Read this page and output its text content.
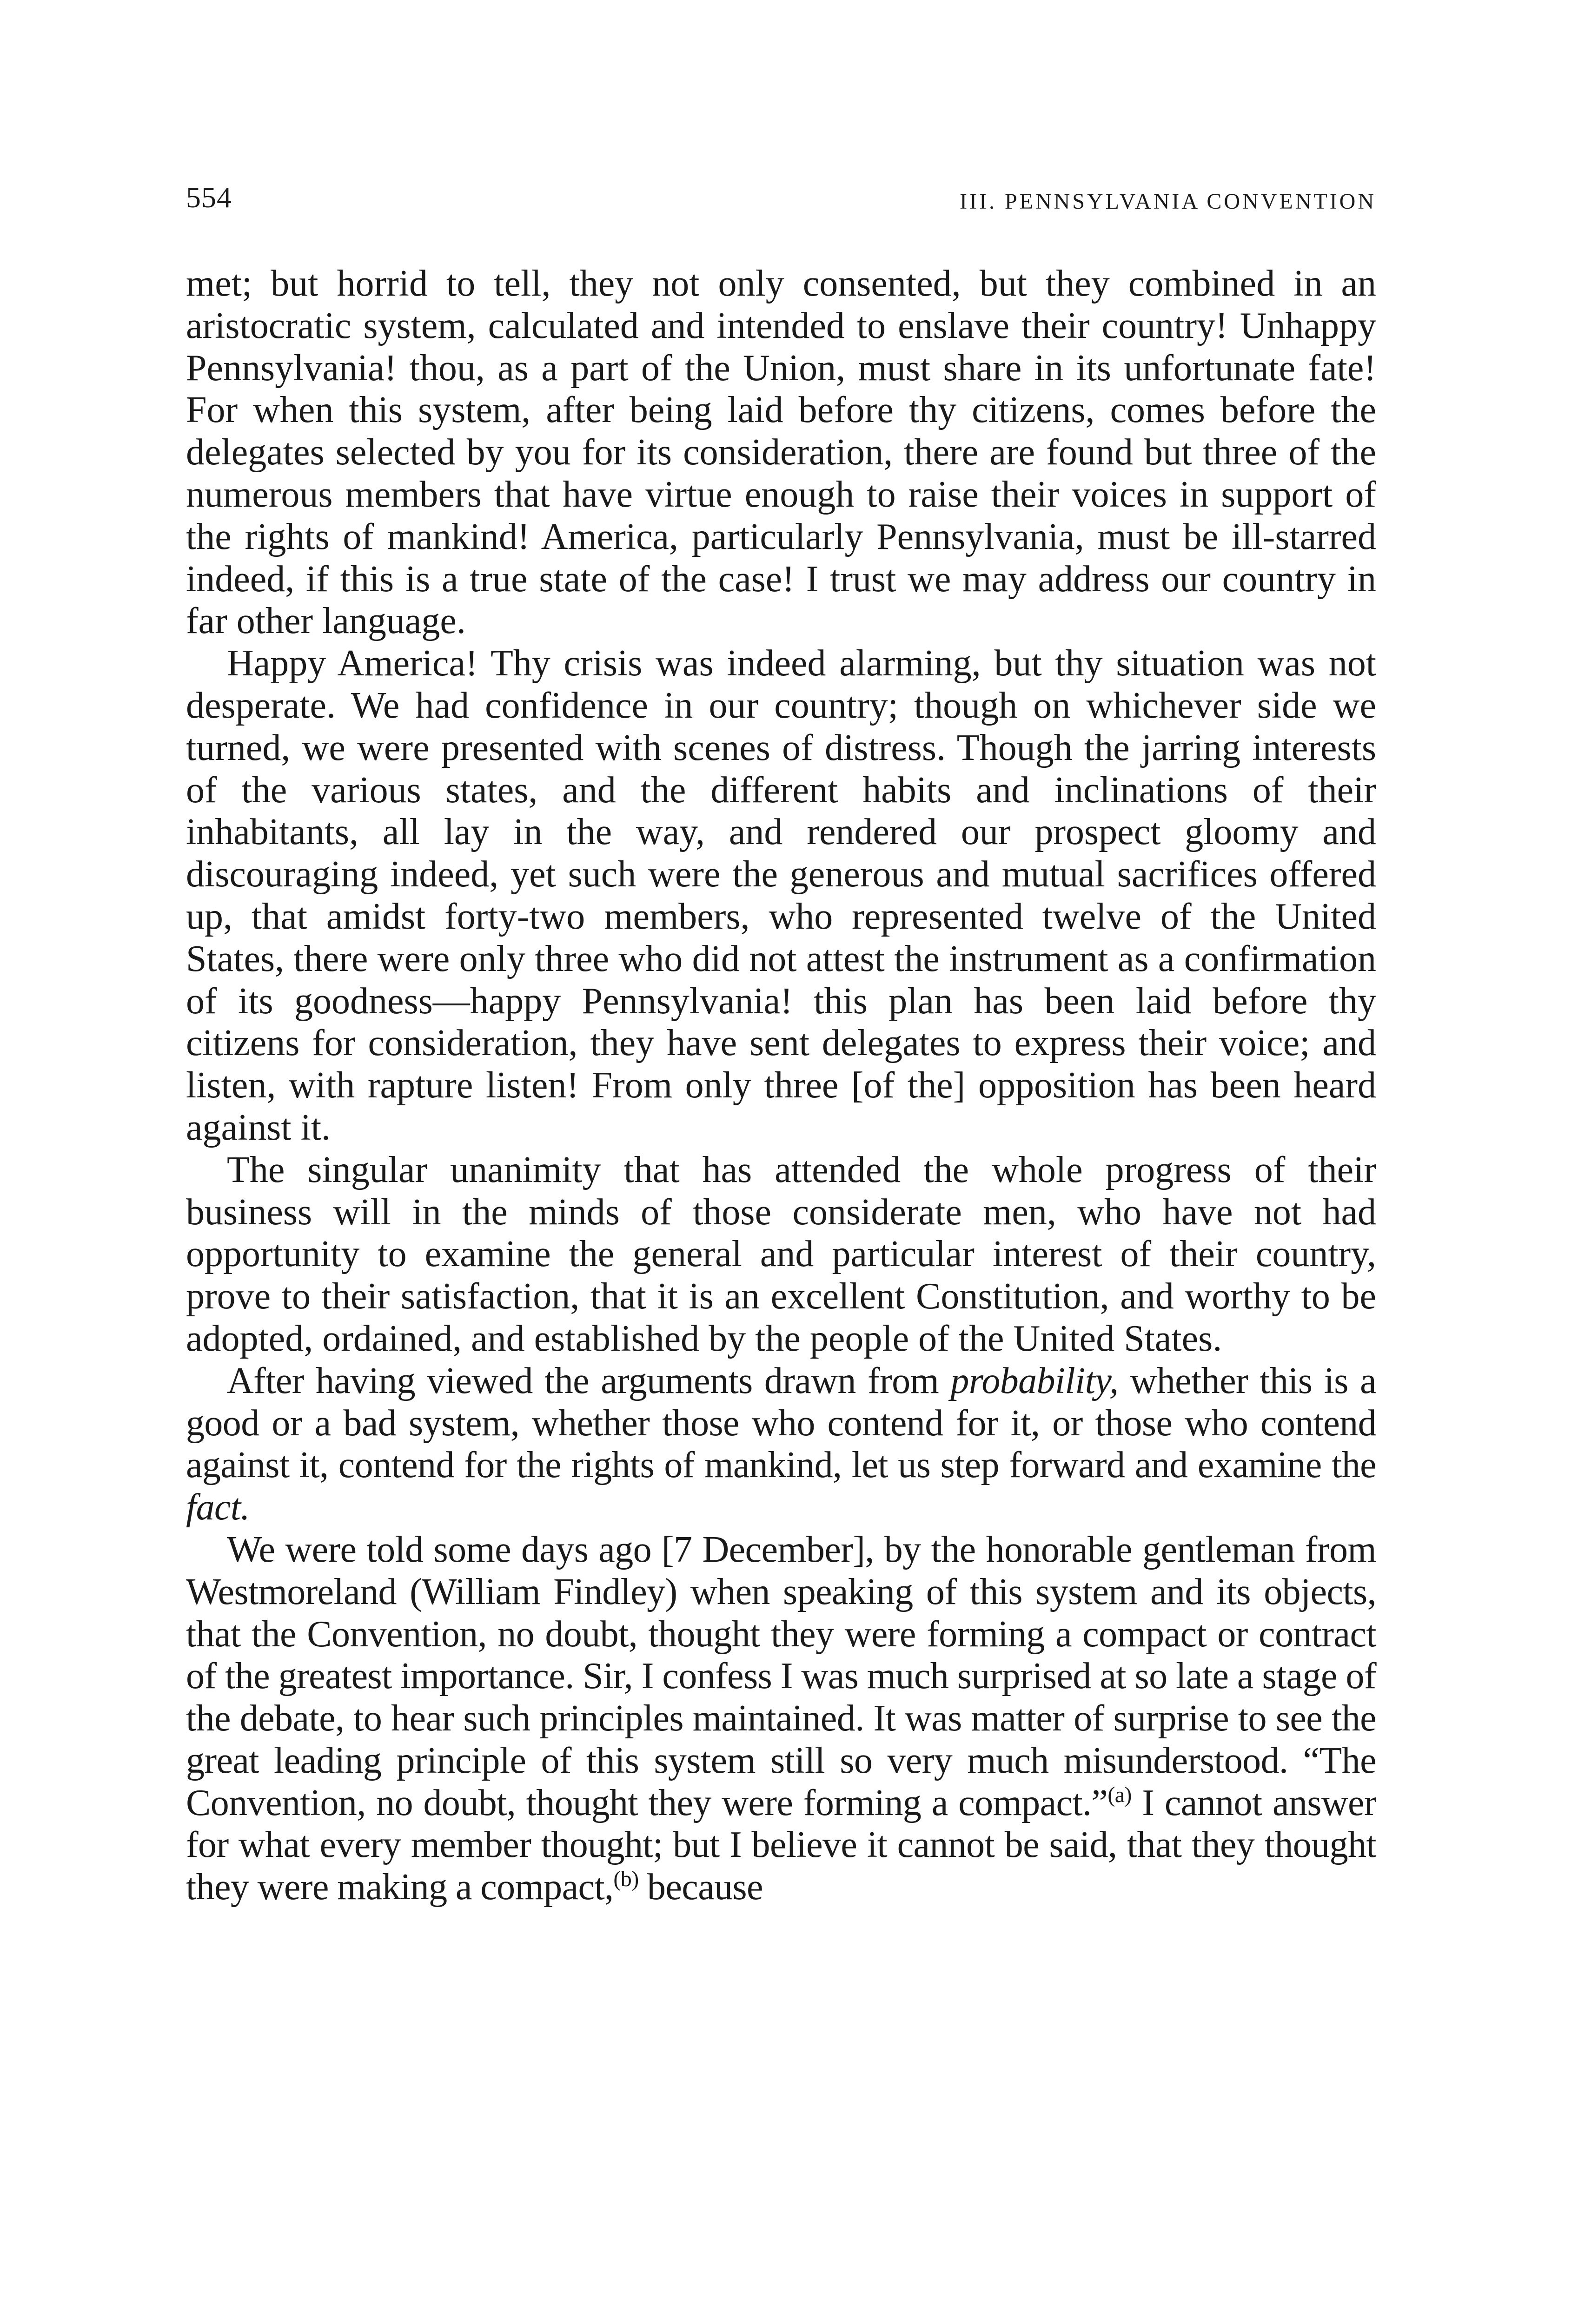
554	III. PENNSYLVANIA CONVENTION

met; but horrid to tell, they not only consented, but they combined in an aristocratic system, calculated and intended to enslave their country! Unhappy Pennsylvania! thou, as a part of the Union, must share in its unfortunate fate! For when this system, after being laid before thy citizens, comes before the delegates selected by you for its consideration, there are found but three of the numerous members that have virtue enough to raise their voices in support of the rights of mankind! America, particularly Pennsylvania, must be ill-starred indeed, if this is a true state of the case! I trust we may address our country in far other language.

Happy America! Thy crisis was indeed alarming, but thy situation was not desperate. We had confidence in our country; though on whichever side we turned, we were presented with scenes of distress. Though the jarring interests of the various states, and the different habits and inclinations of their inhabitants, all lay in the way, and rendered our prospect gloomy and discouraging indeed, yet such were the generous and mutual sacrifices offered up, that amidst forty-two members, who represented twelve of the United States, there were only three who did not attest the instrument as a confirmation of its goodness—happy Pennsylvania! this plan has been laid before thy citizens for consideration, they have sent delegates to express their voice; and listen, with rapture listen! From only three [of the] opposition has been heard against it.

The singular unanimity that has attended the whole progress of their business will in the minds of those considerate men, who have not had opportunity to examine the general and particular interest of their country, prove to their satisfaction, that it is an excellent Constitution, and worthy to be adopted, ordained, and established by the people of the United States.

After having viewed the arguments drawn from probability, whether this is a good or a bad system, whether those who contend for it, or those who contend against it, contend for the rights of mankind, let us step forward and examine the fact.

We were told some days ago [7 December], by the honorable gentleman from Westmoreland (William Findley) when speaking of this system and its objects, that the Convention, no doubt, thought they were forming a compact or contract of the greatest importance. Sir, I confess I was much surprised at so late a stage of the debate, to hear such principles maintained. It was matter of surprise to see the great leading principle of this system still so very much misunderstood. “The Convention, no doubt, thought they were forming a compact.”$^{(a)}$ I cannot answer for what every member thought; but I believe it cannot be said, that they thought they were making a compact,$^{(b)}$ because
